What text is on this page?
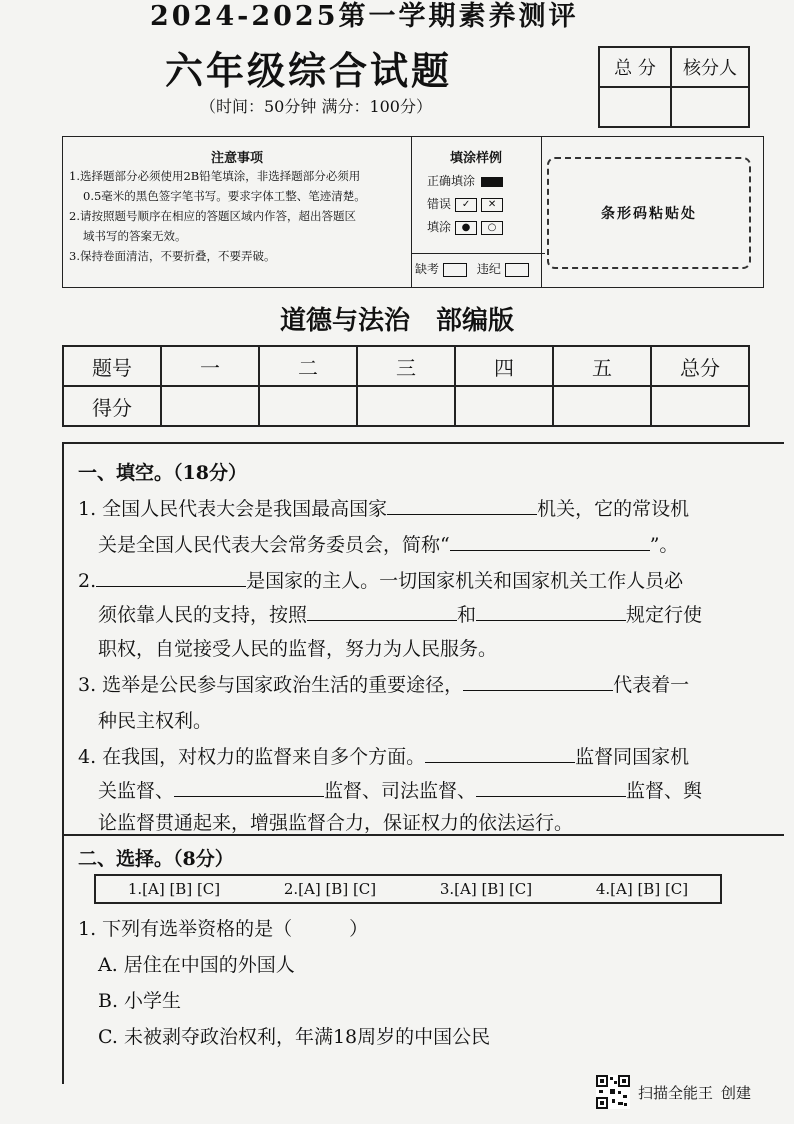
2024-2025第一学期素养测评
六年级综合试题
（时间：50分钟 满分：100分）
总 分	核分人

注意事项
1.选择题部分必须使用2B铅笔填涂，非选择题部分必须用
0.5毫米的黑色签字笔书写。要求字体工整、笔迹清楚。
2.请按照题号顺序在相应的答题区域内作答，超出答题区
域书写的答案无效。
3.保持卷面清洁，不要折叠，不要弄破。
填涂样例
正确填涂
错误 ✓ ✕
填涂 ● ○
缺考	违纪
条形码粘贴处
道德与法治 部编版
题号	一	二	三	四	五	总分
得分						
一、填空。（18分）
1. 全国人民代表大会是我国最高国家	机关，它的常设机
关是全国人民代表大会常务委员会，简称“	”。
2.	是国家的主人。一切国家机关和国家机关工作人员必
须依靠人民的支持，按照	和	规定行使
职权，自觉接受人民的监督，努力为人民服务。
3. 选举是公民参与国家政治生活的重要途径，	代表着一
种民主权利。
4. 在我国，对权力的监督来自多个方面。	监督同国家机
关监督、	监督、司法监督、	监督、舆
论监督贯通起来，增强监督合力，保证权力的依法运行。
二、选择。（8分）
1.[A] [B] [C]	2.[A] [B] [C]	3.[A] [B] [C]	4.[A] [B] [C]
1. 下列有选举资格的是（　　　）
A. 居住在中国的外国人
B. 小学生
C. 未被剥夺政治权利，年满18周岁的中国公民
扫描全能王 创建
